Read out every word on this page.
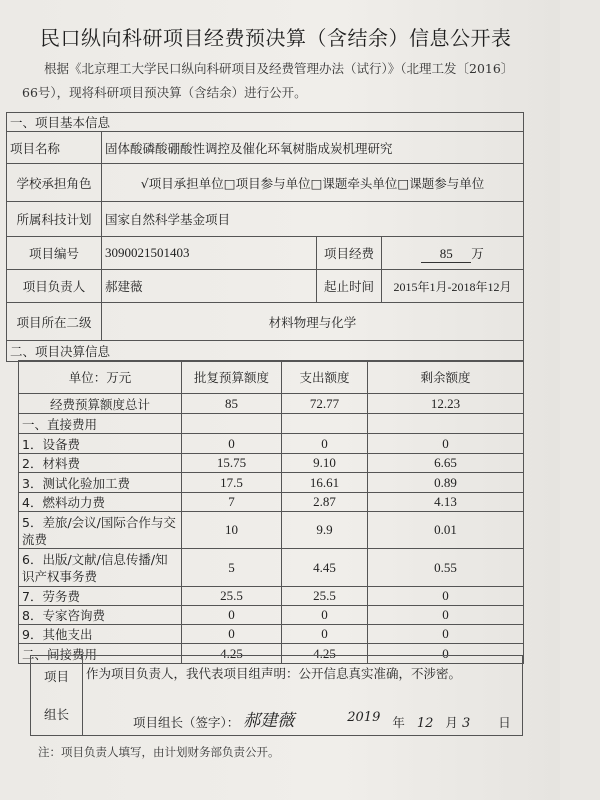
民口纵向科研项目经费预决算（含结余）信息公开表
根据《北京理工大学民口纵向科研项目及经费管理办法（试行）》（北理工发〔2016〕66号），现将科研项目预决算（含结余）进行公开。
一、项目基本信息			
项目名称	固体酸磷酸硼酸性调控及催化环氧树脂成炭机理研究		
学校承担角色	√项目承担单位□项目参与单位□课题牵头单位□课题参与单位		
所属科技计划	国家自然科学基金项目		
项目编号	3090021501403	项目经费	85 万
项目负责人	郝建薇	起止时间	2015年1月-2018年12月
项目所在二级	材料物理与化学		
二、项目决算信息			
单位：万元	批复预算额度	支出额度	剩余额度
经费预算额度总计	85	72.77	12.23
一、直接费用			
1．设备费	0	0	0
2．材料费	15.75	9.10	6.65
3．测试化验加工费	17.5	16.61	0.89
4．燃料动力费	7	2.87	4.13
5．差旅/会议/国际合作与交流费	10	9.9	0.01
6．出版/文献/信息传播/知识产权事务费	5	4.45	0.55
7．劳务费	25.5	25.5	0
8．专家咨询费	0	0	0
9．其他支出	0	0	0
二、间接费用	4.25	4.25	0
项目
组长	
作为项目负责人，我代表项目组声明：公开信息真实准确，不涉密。
项目组长（签字）： 郝建薇	2019 年 12 月 3 日
注：项目负责人填写，由计划财务部负责公开。
